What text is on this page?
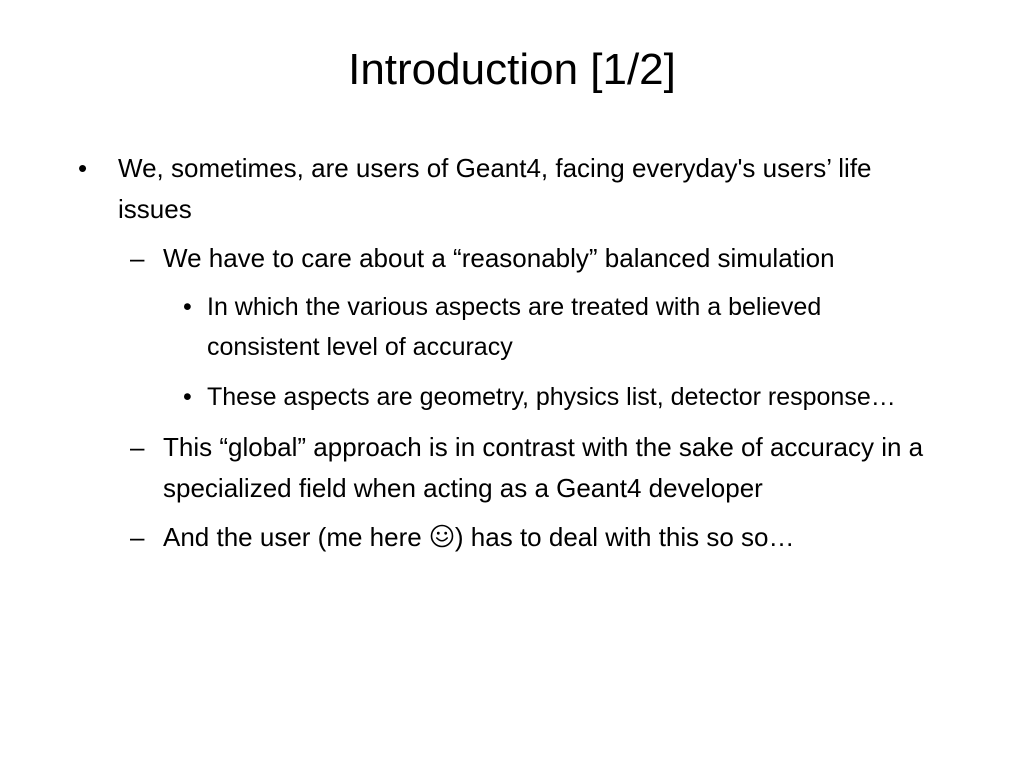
Introduction [1/2]
• We, sometimes, are users of Geant4, facing everyday's users’ life issues
– We have to care about a “reasonably” balanced simulation
• In which the various aspects are treated with a believed consistent level of accuracy
• These aspects are geometry, physics list, detector response…
– This “global” approach is in contrast with the sake of accuracy in a specialized field when acting as a Geant4 developer
– And the user (me here ) has to deal with this so so…
